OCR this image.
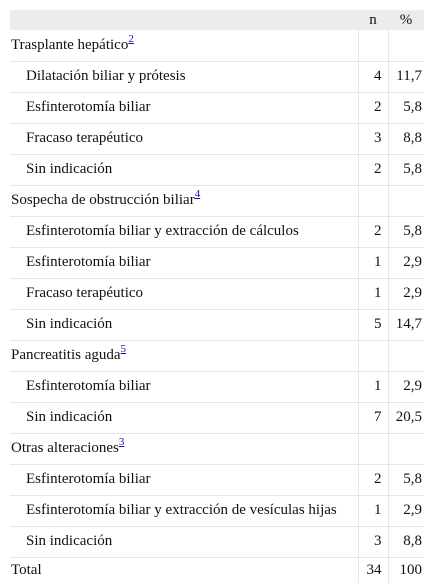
	n	%
Trasplante hepático$^2$		
Dilatación biliar y prótesis	4	11,7
Esfinterotomía biliar	2	5,8
Fracaso terapéutico	3	8,8
Sin indicación	2	5,8
Sospecha de obstrucción biliar$^4$		
Esfinterotomía biliar y extracción de cálculos	2	5,8
Esfinterotomía biliar	1	2,9
Fracaso terapéutico	1	2,9
Sin indicación	5	14,7
Pancreatitis aguda$^5$		
Esfinterotomía biliar	1	2,9
Sin indicación	7	20,5
Otras alteraciones$^3$		
Esfinterotomía biliar	2	5,8
Esfinterotomía biliar y extracción de vesículas hijas	1	2,9
Sin indicación	3	8,8
Total	34	100
